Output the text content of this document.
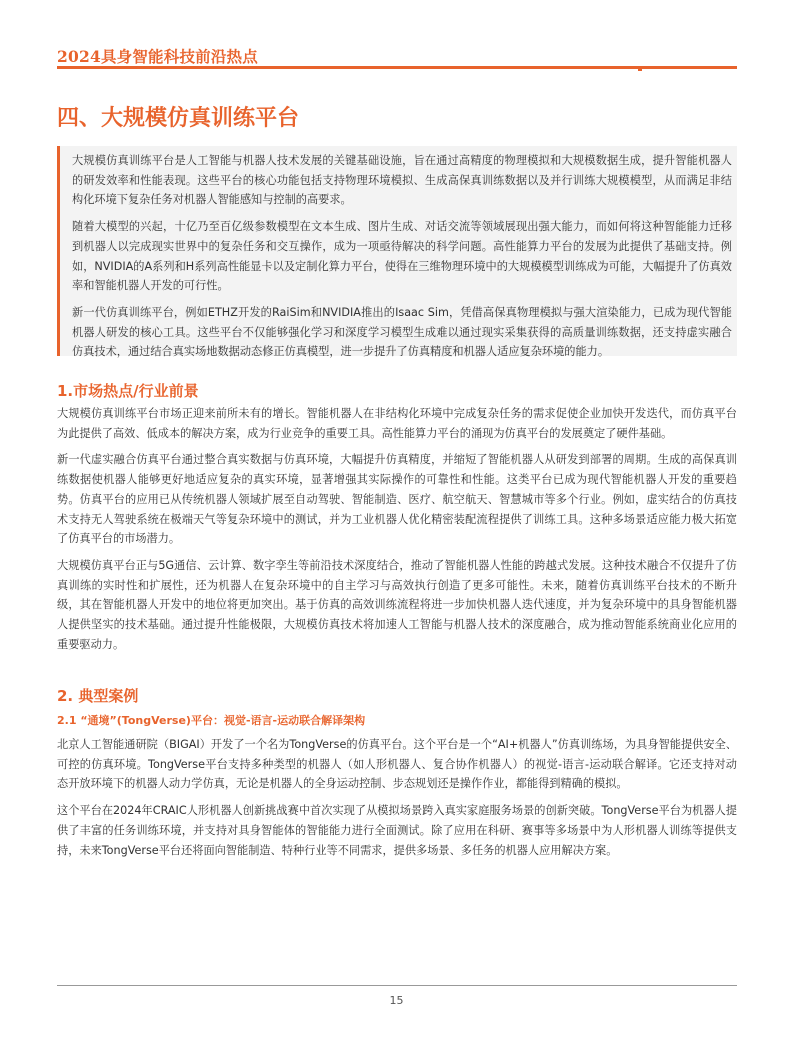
2024具身智能科技前沿热点
四、大规模仿真训练平台

大规模仿真训练平台是人工智能与机器人技术发展的关键基础设施，旨在通过高精度的物理模拟和大规模数据生成，提升智能机器人的研发效率和性能表现。这些平台的核心功能包括支持物理环境模拟、生成高保真训练数据以及并行训练大规模模型，从而满足非结构化环境下复杂任务对机器人智能感知与控制的高要求。

随着大模型的兴起，十亿乃至百亿级参数模型在文本生成、图片生成、对话交流等领域展现出强大能力，而如何将这种智能能力迁移到机器人以完成现实世界中的复杂任务和交互操作，成为一项亟待解决的科学问题。高性能算力平台的发展为此提供了基础支持。例如，NVIDIA的A系列和H系列高性能显卡以及定制化算力平台，使得在三维物理环境中的大规模模型训练成为可能，大幅提升了仿真效率和智能机器人开发的可行性。

新一代仿真训练平台，例如ETHZ开发的RaiSim和NVIDIA推出的Isaac Sim，凭借高保真物理模拟与强大渲染能力，已成为现代智能机器人研发的核心工具。这些平台不仅能够强化学习和深度学习模型生成难以通过现实采集获得的高质量训练数据，还支持虚实融合仿真技术，通过结合真实场地数据动态修正仿真模型，进一步提升了仿真精度和机器人适应复杂环境的能力。

1.市场热点/行业前景

大规模仿真训练平台市场正迎来前所未有的增长。智能机器人在非结构化环境中完成复杂任务的需求促使企业加快开发迭代，而仿真平台为此提供了高效、低成本的解决方案，成为行业竞争的重要工具。高性能算力平台的涌现为仿真平台的发展奠定了硬件基础。

新一代虚实融合仿真平台通过整合真实数据与仿真环境，大幅提升仿真精度，并缩短了智能机器人从研发到部署的周期。生成的高保真训练数据使机器人能够更好地适应复杂的真实环境，显著增强其实际操作的可靠性和性能。这类平台已成为现代智能机器人开发的重要趋势。仿真平台的应用已从传统机器人领域扩展至自动驾驶、智能制造、医疗、航空航天、智慧城市等多个行业。例如，虚实结合的仿真技术支持无人驾驶系统在极端天气等复杂环境中的测试，并为工业机器人优化精密装配流程提供了训练工具。这种多场景适应能力极大拓宽了仿真平台的市场潜力。

大规模仿真平台正与5G通信、云计算、数字孪生等前沿技术深度结合，推动了智能机器人性能的跨越式发展。这种技术融合不仅提升了仿真训练的实时性和扩展性，还为机器人在复杂环境中的自主学习与高效执行创造了更多可能性。未来，随着仿真训练平台技术的不断升级，其在智能机器人开发中的地位将更加突出。基于仿真的高效训练流程将进一步加快机器人迭代速度，并为复杂环境中的具身智能机器人提供坚实的技术基础。通过提升性能极限，大规模仿真技术将加速人工智能与机器人技术的深度融合，成为推动智能系统商业化应用的重要驱动力。

2. 典型案例
2.1 “通境”(TongVerse)平台：视觉-语言-运动联合解译架构

北京人工智能通研院（BIGAI）开发了一个名为TongVerse的仿真平台。这个平台是一个“AI+机器人”仿真训练场，为具身智能提供安全、可控的仿真环境。TongVerse平台支持多种类型的机器人（如人形机器人、复合协作机器人）的视觉-语言-运动联合解译。它还支持对动态开放环境下的机器人动力学仿真，无论是机器人的全身运动控制、步态规划还是操作作业，都能得到精确的模拟。

这个平台在2024年CRAIC人形机器人创新挑战赛中首次实现了从模拟场景跨入真实家庭服务场景的创新突破。TongVerse平台为机器人提供了丰富的任务训练环境，并支持对具身智能体的智能能力进行全面测试。除了应用在科研、赛事等多场景中为人形机器人训练等提供支持，未来TongVerse平台还将面向智能制造、特种行业等不同需求，提供多场景、多任务的机器人应用解决方案。

15
